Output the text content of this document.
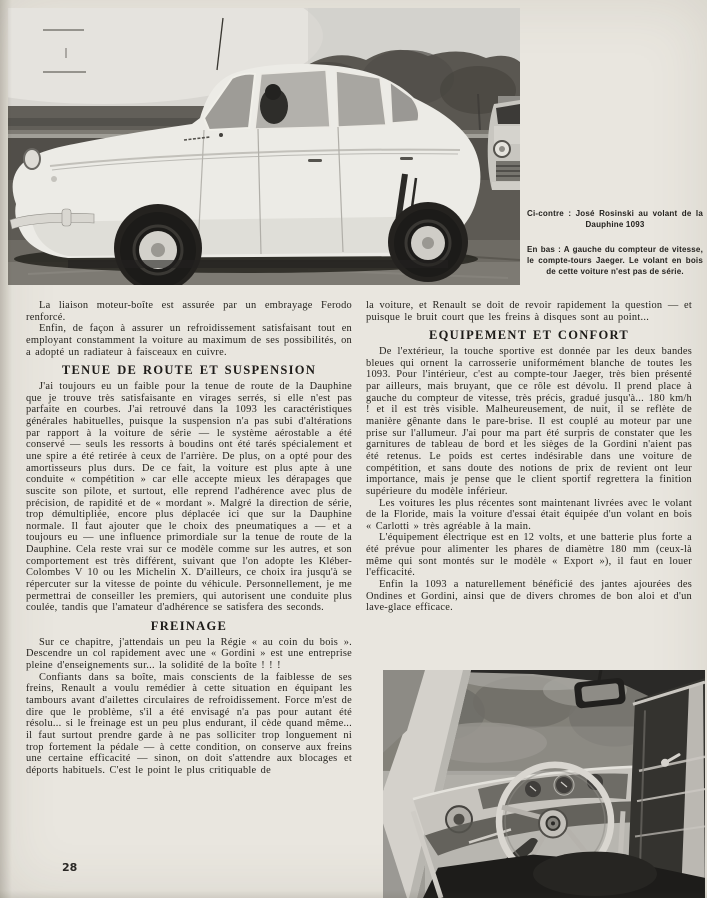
Ci-contre : José Rosinski au volant de la Dauphine 1093

En bas : A gauche du compteur de vitesse, le compte-tours Jaeger. Le volant en bois de cette voiture n'est pas de série.

La liaison moteur-boîte est assurée par un embrayage Ferodo renforcé.

Enfin, de façon à assurer un refroidissement satisfaisant tout en employant constamment la voiture au maximum de ses possibilités, on a adopté un radiateur à faisceaux en cuivre.

TENUE DE ROUTE ET SUSPENSION

J'ai toujours eu un faible pour la tenue de route de la Dauphine que je trouve très satisfaisante en virages serrés, si elle n'est pas parfaite en courbes. J'ai retrouvé dans la 1093 les caractéristiques générales habituelles, puisque la suspension n'a pas subi d'altérations par rapport à la voiture de série — le système aérostable a été conservé — seuls les ressorts à boudins ont été tarés spécialement et une spire a été retirée à ceux de l'arrière. De plus, on a opté pour des amortisseurs plus durs. De ce fait, la voiture est plus apte à une conduite « compétition » car elle accepte mieux les dérapages que suscite son pilote, et surtout, elle reprend l'adhérence avec plus de précision, de rapidité et de « mordant ». Malgré la direction de série, trop démultipliée, encore plus déplacée ici que sur la Dauphine normale. Il faut ajouter que le choix des pneumatiques a — et a toujours eu — une influence primordiale sur la tenue de route de la Dauphine. Cela reste vrai sur ce modèle comme sur les autres, et son comportement est très différent, suivant que l'on adopte les Kléber-Colombes V 10 ou les Michelin X. D'ailleurs, ce choix ira jusqu'à se répercuter sur la vitesse de pointe du véhicule. Personnellement, je me permettrai de conseiller les premiers, qui autorisent une conduite plus coulée, tandis que l'amateur d'adhérence se satisfera des seconds.

FREINAGE

Sur ce chapitre, j'attendais un peu la Régie « au coin du bois ». Descendre un col rapidement avec une « Gordini » est une entreprise pleine d'enseignements sur... la solidité de la boîte ! ! !

Confiants dans sa boîte, mais conscients de la faiblesse de ses freins, Renault a voulu remédier à cette situation en équipant les tambours avant d'ailettes circulaires de refroidissement. Force m'est de dire que le problème, s'il a été envisagé n'a pas pour autant été résolu... si le freinage est un peu plus endurant, il cède quand même... il faut surtout prendre garde à ne pas solliciter trop longuement ni trop fortement la pédale — à cette condition, on conserve aux freins une certaine efficacité — sinon, on doit s'attendre aux blocages et déports habituels. C'est le point le plus critiquable de

la voiture, et Renault se doit de revoir rapidement la question — et puisque le bruit court que les freins à disques sont au point...

EQUIPEMENT ET CONFORT

De l'extérieur, la touche sportive est donnée par les deux bandes bleues qui ornent la carrosserie uniformément blanche de toutes les 1093. Pour l'intérieur, c'est au compte-tour Jaeger, très bien présenté par ailleurs, mais bruyant, que ce rôle est dévolu. Il prend place à gauche du compteur de vitesse, très précis, gradué jusqu'à... 180 km/h ! et il est très visible. Malheureusement, de nuit, il se reflète de manière gênante dans le pare-brise. Il est couplé au moteur par une prise sur l'allumeur. J'ai pour ma part été surpris de constater que les garnitures de tableau de bord et les sièges de la Gordini n'aient pas été retenus. Le poids est certes indésirable dans une voiture de compétition, et sans doute des notions de prix de revient ont leur importance, mais je pense que le client sportif regrettera la finition supérieure du modèle inférieur.

Les voitures les plus récentes sont maintenant livrées avec le volant de la Floride, mais la voiture d'essai était équipée d'un volant en bois « Carlotti » très agréable à la main.

L'équipement électrique est en 12 volts, et une batterie plus forte a été prévue pour alimenter les phares de diamètre 180 mm (ceux-là même qui sont montés sur le modèle « Export »), il faut en louer l'efficacité.

Enfin la 1093 a naturellement bénéficié des jantes ajourées des Ondines et Gordini, ainsi que de divers chromes de bon aloi et d'un lave-glace efficace.

28
